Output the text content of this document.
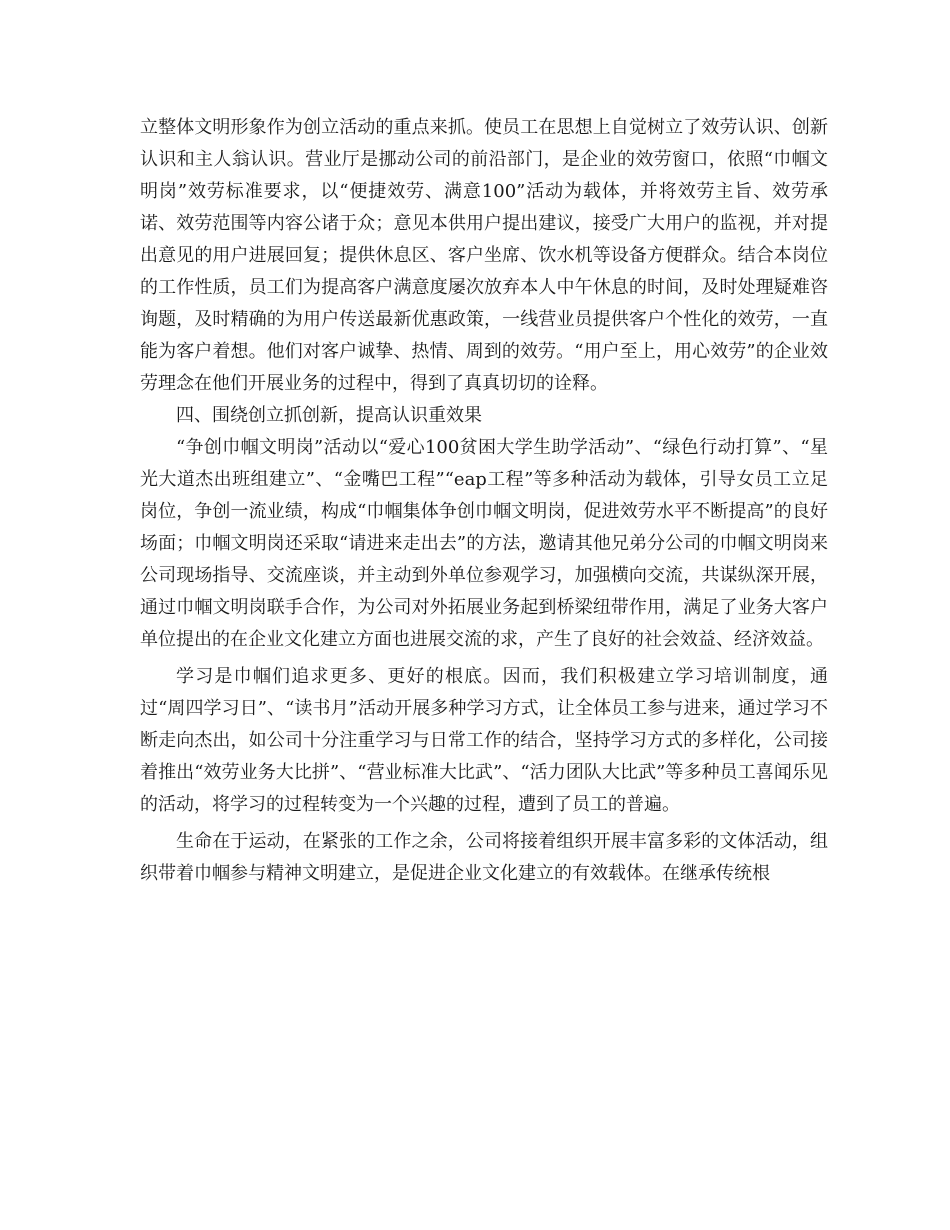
立整体文明形象作为创立活动的重点来抓。使员工在思想上自觉树立了效劳认识、创新认识和主人翁认识。营业厅是挪动公司的前沿部门，是企业的效劳窗口，依照“巾帼文明岗”效劳标准要求，以“便捷效劳、满意100”活动为载体，并将效劳主旨、效劳承诺、效劳范围等内容公诸于众；意见本供用户提出建议，接受广大用户的监视，并对提出意见的用户进展回复；提供休息区、客户坐席、饮水机等设备方便群众。结合本岗位的工作性质，员工们为提高客户满意度屡次放弃本人中午休息的时间，及时处理疑难咨询题，及时精确的为用户传送最新优惠政策，一线营业员提供客户个性化的效劳，一直能为客户着想。他们对客户诚挚、热情、周到的效劳。“用户至上，用心效劳”的企业效劳理念在他们开展业务的过程中，得到了真真切切的诠释。

四、围绕创立抓创新，提高认识重效果

“争创巾帼文明岗”活动以“爱心100贫困大学生助学活动”、“绿色行动打算”、“星光大道杰出班组建立”、“金嘴巴工程”“eap工程”等多种活动为载体，引导女员工立足岗位，争创一流业绩，构成“巾帼集体争创巾帼文明岗，促进效劳水平不断提高”的良好场面；巾帼文明岗还采取“请进来走出去”的方法，邀请其他兄弟分公司的巾帼文明岗来公司现场指导、交流座谈，并主动到外单位参观学习，加强横向交流，共谋纵深开展，通过巾帼文明岗联手合作，为公司对外拓展业务起到桥梁纽带作用，满足了业务大客户单位提出的在企业文化建立方面也进展交流的求，产生了良好的社会效益、经济效益。

学习是巾帼们追求更多、更好的根底。因而，我们积极建立学习培训制度，通过“周四学习日”、“读书月”活动开展多种学习方式，让全体员工参与进来，通过学习不断走向杰出，如公司十分注重学习与日常工作的结合，坚持学习方式的多样化，公司接着推出“效劳业务大比拼”、“营业标准大比武”、“活力团队大比武”等多种员工喜闻乐见的活动，将学习的过程转变为一个兴趣的过程，遭到了员工的普遍。

生命在于运动，在紧张的工作之余，公司将接着组织开展丰富多彩的文体活动，组织带着巾帼参与精神文明建立，是促进企业文化建立的有效载体。在继承传统根
